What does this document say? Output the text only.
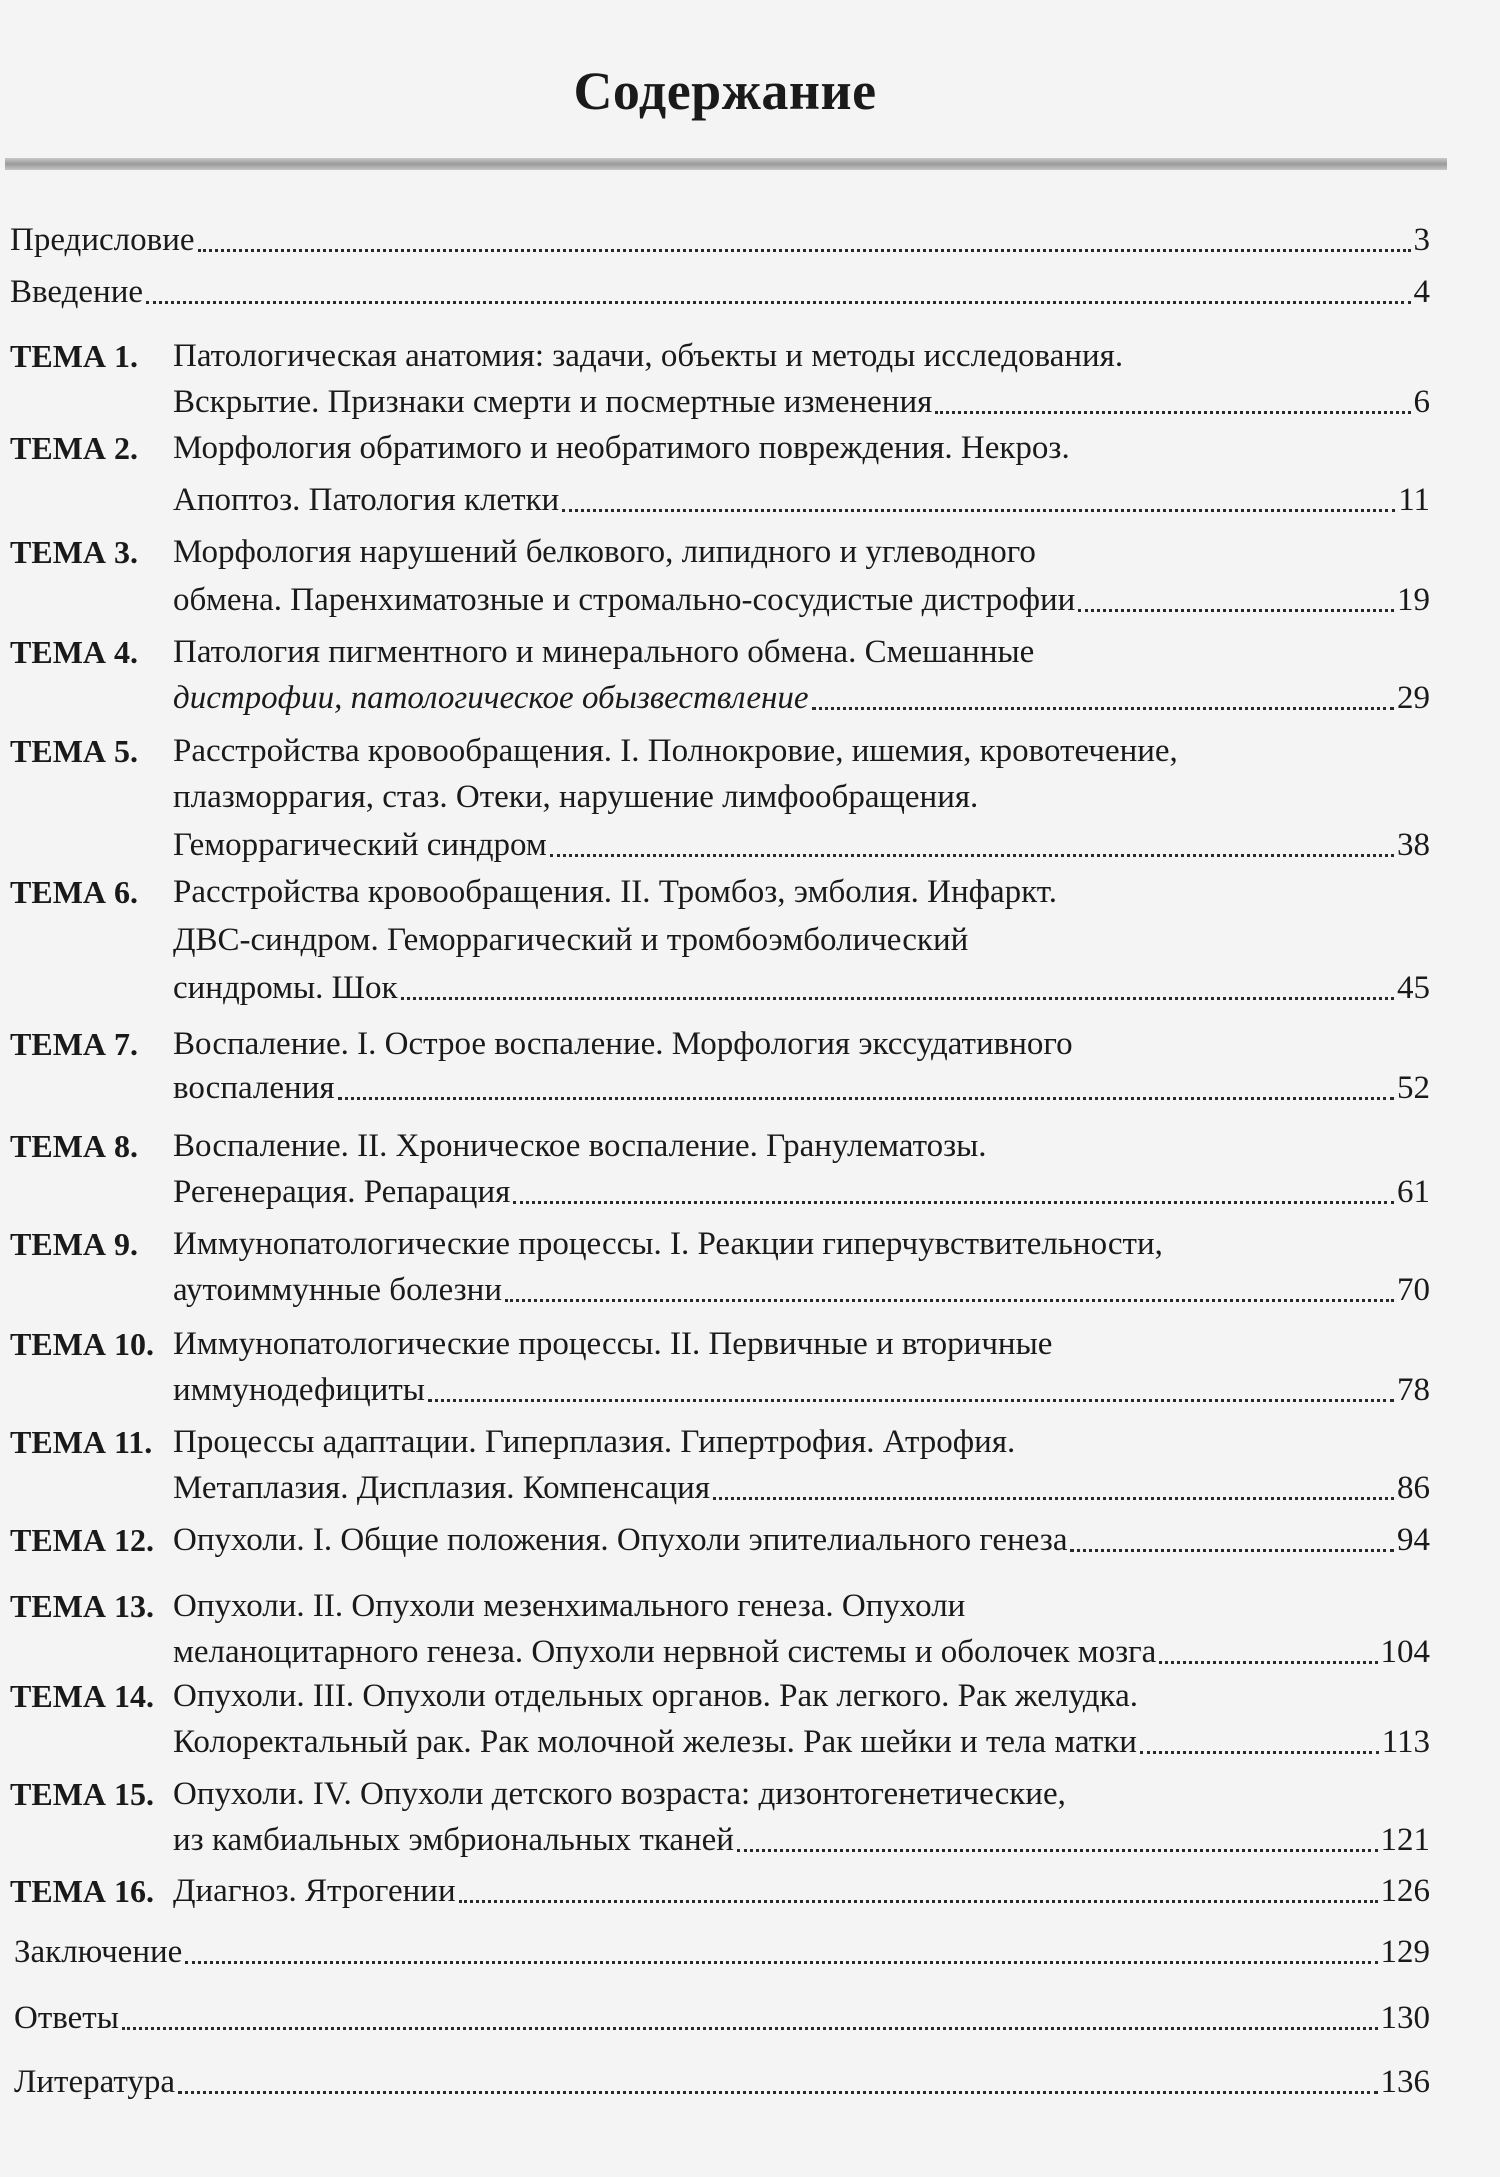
Содержание
Предисловие	3
Введение	4
ТЕМА 1. Патологическая анатомия: задачи, объекты и методы исследования.
Вскрытие. Признаки смерти и посмертные изменения	6
ТЕМА 2. Морфология обратимого и необратимого повреждения. Некроз.
Апоптоз. Патология клетки	11
ТЕМА 3. Морфология нарушений белкового, липидного и углеводного
обмена. Паренхиматозные и стромально-сосудистые дистрофии	19
ТЕМА 4. Патология пигментного и минерального обмена. Смешанные
дистрофии, патологическое обызвествление	29
ТЕМА 5. Расстройства кровообращения. I. Полнокровие, ишемия, кровотечение,
плазморрагия, стаз. Отеки, нарушение лимфообращения.
Геморрагический синдром	38
ТЕМА 6. Расстройства кровообращения. II. Тромбоз, эмболия. Инфаркт.
ДВС-синдром. Геморрагический и тромбоэмболический
синдромы. Шок	45
ТЕМА 7. Воспаление. I. Острое воспаление. Морфология экссудативного
воспаления	52
ТЕМА 8. Воспаление. II. Хроническое воспаление. Гранулематозы.
Регенерация. Репарация	61
ТЕМА 9. Иммунопатологические процессы. I. Реакции гиперчувствительности,
аутоиммунные болезни	70
ТЕМА 10. Иммунопатологические процессы. II. Первичные и вторичные
иммунодефициты	78
ТЕМА 11. Процессы адаптации. Гиперплазия. Гипертрофия. Атрофия.
Метаплазия. Дисплазия. Компенсация	86
ТЕМА 12. Опухоли. I. Общие положения. Опухоли эпителиального генеза	94
ТЕМА 13. Опухоли. II. Опухоли мезенхимального генеза. Опухоли
меланоцитарного генеза. Опухоли нервной системы и оболочек мозга	104
ТЕМА 14. Опухоли. III. Опухоли отдельных органов. Рак легкого. Рак желудка.
Колоректальный рак. Рак молочной железы. Рак шейки и тела матки	113
ТЕМА 15. Опухоли. IV. Опухоли детского возраста: дизонтогенетические,
из камбиальных эмбриональных тканей	121
ТЕМА 16. Диагноз. Ятрогении	126
Заключение	129
Ответы	130
Литература	136
